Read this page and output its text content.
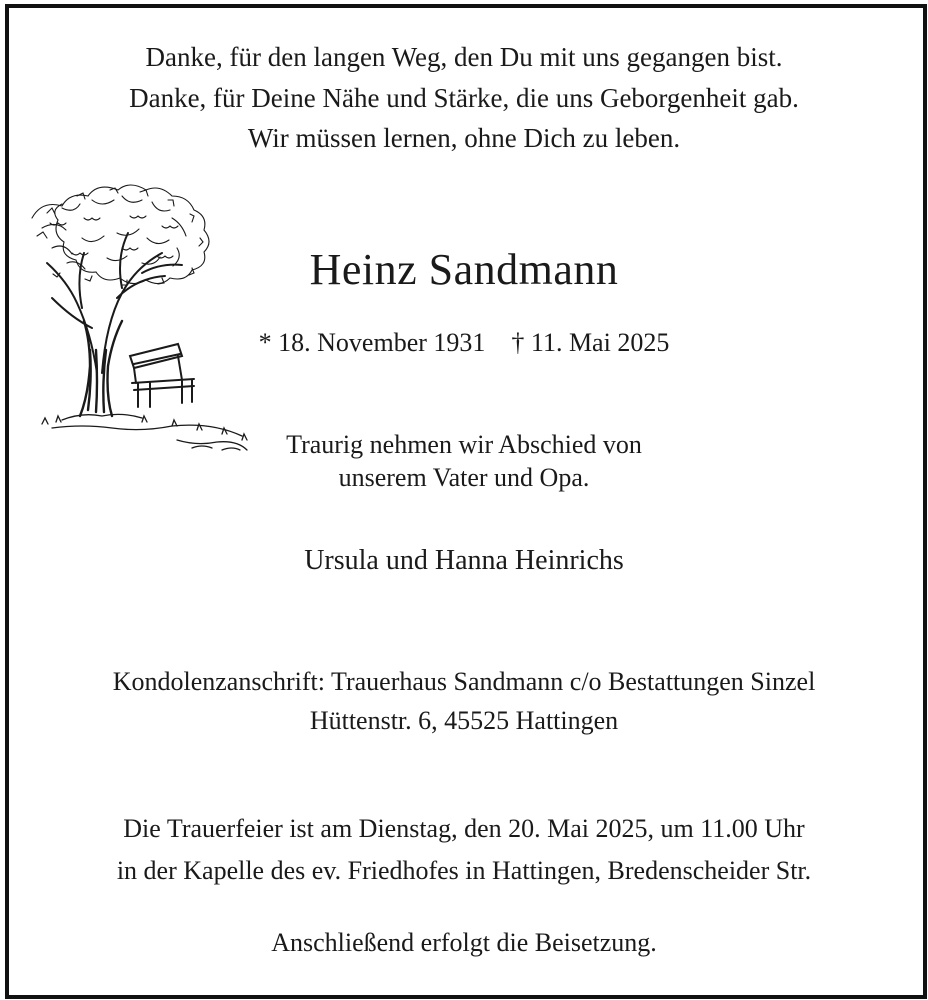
Danke, für den langen Weg, den Du mit uns gegangen bist.
Danke, für Deine Nähe und Stärke, die uns Geborgenheit gab.
Wir müssen lernen, ohne Dich zu leben.
Heinz Sandmann
* 18. November 1931 † 11. Mai 2025
Traurig nehmen wir Abschied von
unserem Vater und Opa.
Ursula und Hanna Heinrichs
Kondolenzanschrift: Trauerhaus Sandmann c/o Bestattungen Sinzel
Hüttenstr. 6, 45525 Hattingen
Die Trauerfeier ist am Dienstag, den 20. Mai 2025, um 11.00 Uhr
in der Kapelle des ev. Friedhofes in Hattingen, Bredenscheider Str.
Anschließend erfolgt die Beisetzung.
